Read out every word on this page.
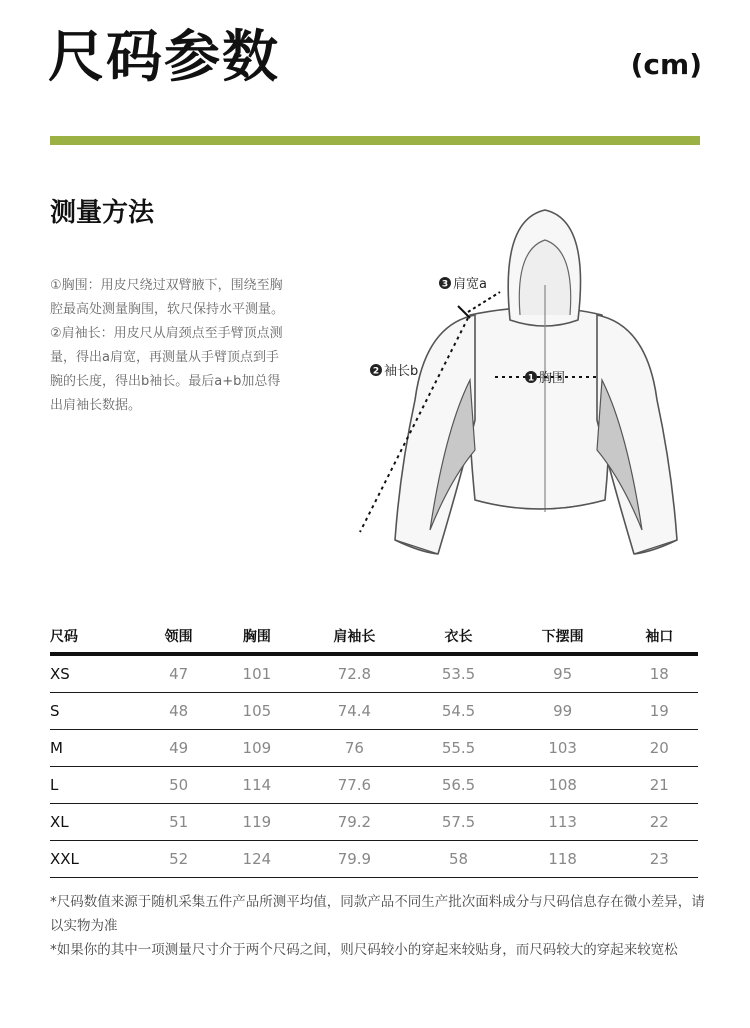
尺码参数	(cm)
测量方法

①胸围：用皮尺绕过双臂腋下，围绕至胸腔最高处测量胸围，软尺保持水平测量。

②肩袖长：用皮尺从肩颈点至手臂顶点测量，得出a肩宽，再测量从手臂顶点到手腕的长度，得出b袖长。最后a+b加总得出肩袖长数据。

1 胸围
2 袖长b
3 肩宽a
尺码	领围	胸围	肩袖长	衣长	下摆围	袖口
XS	47	101	72.8	53.5	95	18
S	48	105	74.4	54.5	99	19
M	49	109	76	55.5	103	20
L	50	114	77.6	56.5	108	21
XL	51	119	79.2	57.5	113	22
XXL	52	124	79.9	58	118	23

*尺码数值来源于随机采集五件产品所测平均值，同款产品不同生产批次面料成分与尺码信息存在微小差异，请以实物为准

*如果你的其中一项测量尺寸介于两个尺码之间，则尺码较小的穿起来较贴身，而尺码较大的穿起来较宽松
